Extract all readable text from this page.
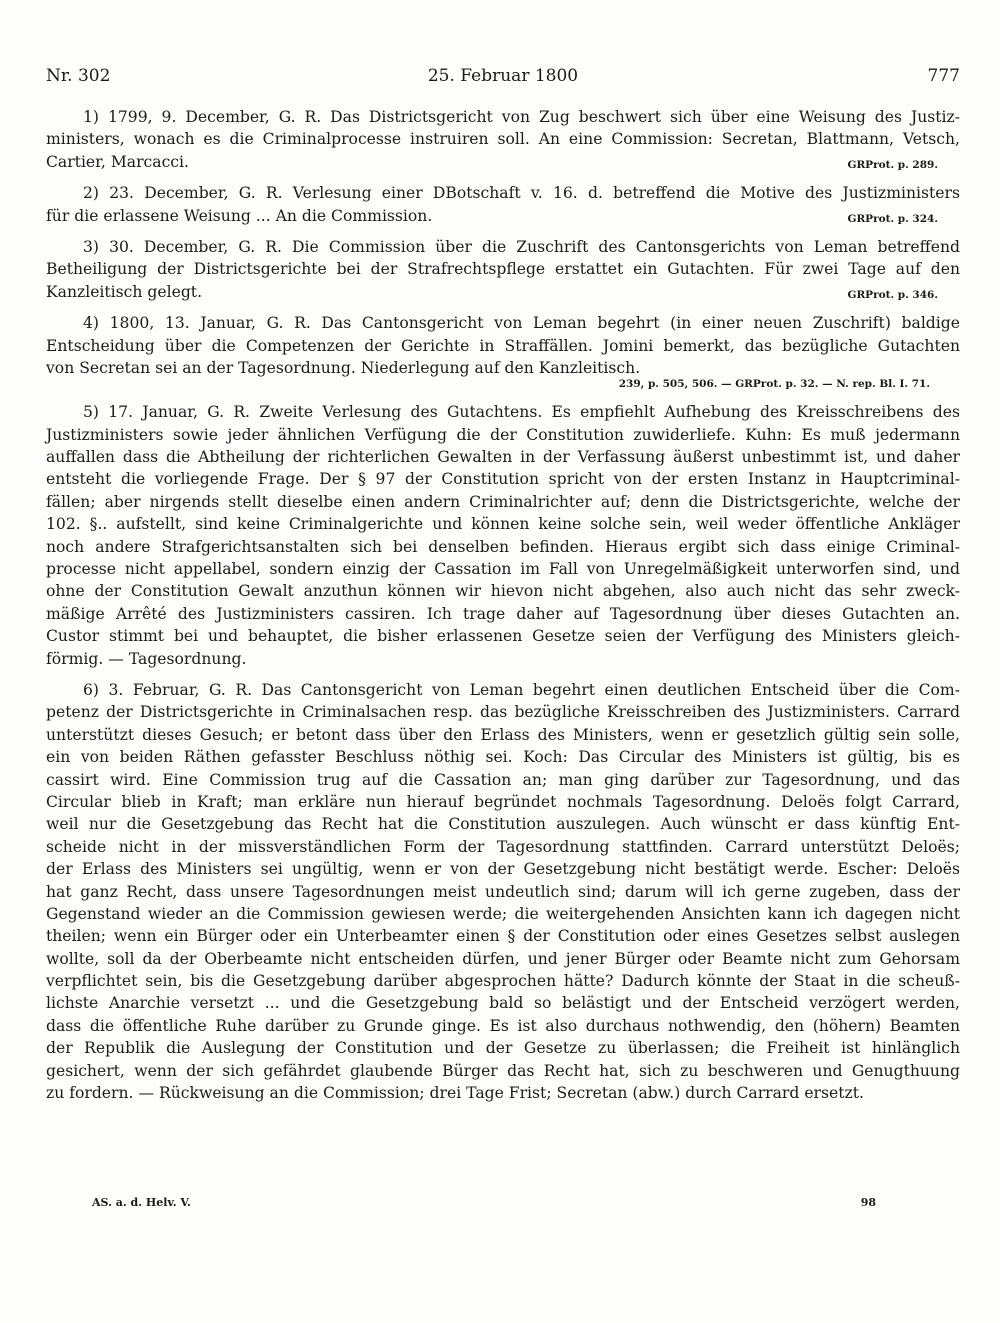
Nr. 302	25. Februar 1800	777
1) 1799, 9. December, G. R. Das Districtsgericht von Zug beschwert sich über eine Weisung des Justiz-
ministers, wonach es die Criminalprocesse instruiren soll. An eine Commission: Secretan, Blattmann, Vetsch,
Cartier, Marcacci.	GRProt. p. 289.
2) 23. December, G. R. Verlesung einer DBotschaft v. 16. d. betreffend die Motive des Justizministers
für die erlassene Weisung ... An die Commission.	GRProt. p. 324.
3) 30. December, G. R. Die Commission über die Zuschrift des Cantonsgerichts von Leman betreffend
Betheiligung der Districtsgerichte bei der Strafrechtspflege erstattet ein Gutachten. Für zwei Tage auf den
Kanzleitisch gelegt.	GRProt. p. 346.
4) 1800, 13. Januar, G. R. Das Cantonsgericht von Leman begehrt (in einer neuen Zuschrift) baldige
Entscheidung über die Competenzen der Gerichte in Straffällen. Jomini bemerkt, das bezügliche Gutachten
von Secretan sei an der Tagesordnung. Niederlegung auf den Kanzleitisch.
239, p. 505, 506. — GRProt. p. 32. — N. rep. Bl. I. 71.
5) 17. Januar, G. R. Zweite Verlesung des Gutachtens. Es empfiehlt Aufhebung des Kreisschreibens des
Justizministers sowie jeder ähnlichen Verfügung die der Constitution zuwiderliefe. Kuhn: Es muß jedermann
auffallen dass die Abtheilung der richterlichen Gewalten in der Verfassung äußerst unbestimmt ist, und daher
entsteht die vorliegende Frage. Der § 97 der Constitution spricht von der ersten Instanz in Hauptcriminal-
fällen; aber nirgends stellt dieselbe einen andern Criminalrichter auf; denn die Districtsgerichte, welche der
102. §.. aufstellt, sind keine Criminalgerichte und können keine solche sein, weil weder öffentliche Ankläger
noch andere Strafgerichtsanstalten sich bei denselben befinden. Hieraus ergibt sich dass einige Criminal-
processe nicht appellabel, sondern einzig der Cassation im Fall von Unregelmäßigkeit unterworfen sind, und
ohne der Constitution Gewalt anzuthun können wir hievon nicht abgehen, also auch nicht das sehr zweck-
mäßige Arrêté des Justizministers cassiren. Ich trage daher auf Tagesordnung über dieses Gutachten an.
Custor stimmt bei und behauptet, die bisher erlassenen Gesetze seien der Verfügung des Ministers gleich-
förmig. — Tagesordnung.
6) 3. Februar, G. R. Das Cantonsgericht von Leman begehrt einen deutlichen Entscheid über die Com-
petenz der Districtsgerichte in Criminalsachen resp. das bezügliche Kreisschreiben des Justizministers. Carrard
unterstützt dieses Gesuch; er betont dass über den Erlass des Ministers, wenn er gesetzlich gültig sein solle,
ein von beiden Räthen gefasster Beschluss nöthig sei. Koch: Das Circular des Ministers ist gültig, bis es
cassirt wird. Eine Commission trug auf die Cassation an; man ging darüber zur Tagesordnung, und das
Circular blieb in Kraft; man erkläre nun hierauf begründet nochmals Tagesordnung. Deloës folgt Carrard,
weil nur die Gesetzgebung das Recht hat die Constitution auszulegen. Auch wünscht er dass künftig Ent-
scheide nicht in der missverständlichen Form der Tagesordnung stattfinden. Carrard unterstützt Deloës;
der Erlass des Ministers sei ungültig, wenn er von der Gesetzgebung nicht bestätigt werde. Escher: Deloës
hat ganz Recht, dass unsere Tagesordnungen meist undeutlich sind; darum will ich gerne zugeben, dass der
Gegenstand wieder an die Commission gewiesen werde; die weitergehenden Ansichten kann ich dagegen nicht
theilen; wenn ein Bürger oder ein Unterbeamter einen § der Constitution oder eines Gesetzes selbst auslegen
wollte, soll da der Oberbeamte nicht entscheiden dürfen, und jener Bürger oder Beamte nicht zum Gehorsam
verpflichtet sein, bis die Gesetzgebung darüber abgesprochen hätte? Dadurch könnte der Staat in die scheuß-
lichste Anarchie versetzt ... und die Gesetzgebung bald so belästigt und der Entscheid verzögert werden,
dass die öffentliche Ruhe darüber zu Grunde ginge. Es ist also durchaus nothwendig, den (höhern) Beamten
der Republik die Auslegung der Constitution und der Gesetze zu überlassen; die Freiheit ist hinlänglich
gesichert, wenn der sich gefährdet glaubende Bürger das Recht hat, sich zu beschweren und Genugthuung
zu fordern. — Rückweisung an die Commission; drei Tage Frist; Secretan (abw.) durch Carrard ersetzt.
AS. a. d. Helv. V.	98
